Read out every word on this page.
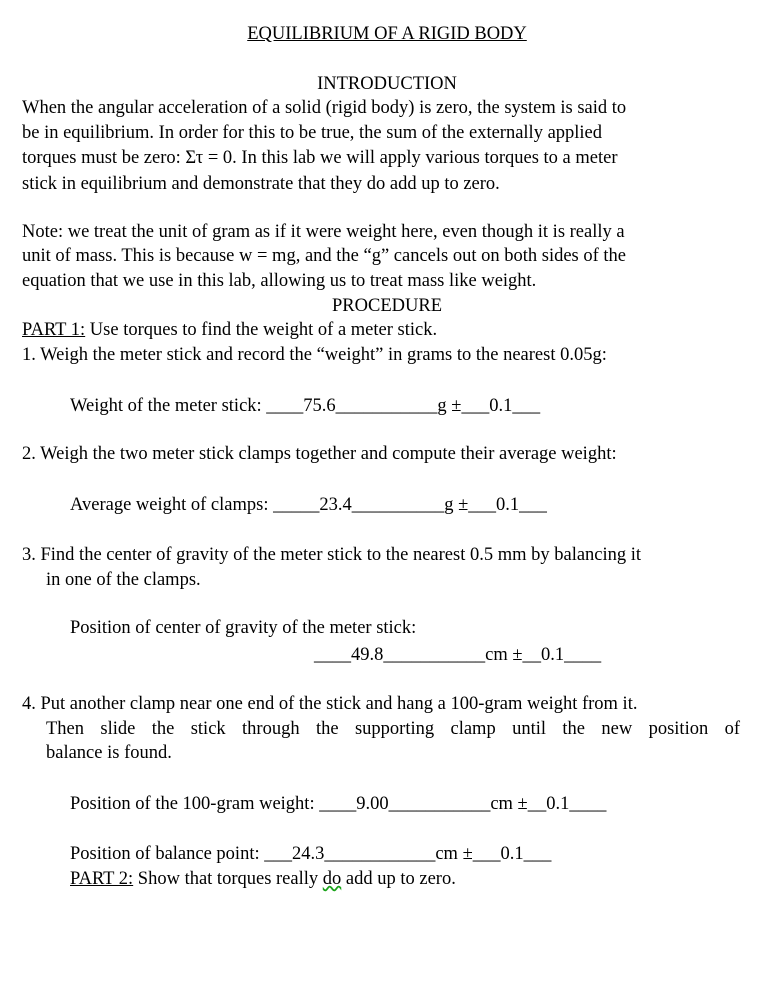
EQUILIBRIUM OF A RIGID BODY
INTRODUCTION
When the angular acceleration of a solid (rigid body) is zero, the system is said to
be in equilibrium. In order for this to be true, the sum of the externally applied
torques must be zero: Στ = 0. In this lab we will apply various torques to a meter
stick in equilibrium and demonstrate that they do add up to zero.
Note: we treat the unit of gram as if it were weight here, even though it is really a
unit of mass. This is because w = mg, and the “g” cancels out on both sides of the
equation that we use in this lab, allowing us to treat mass like weight.
PROCEDURE
PART 1: Use torques to find the weight of a meter stick.
1. Weigh the meter stick and record the “weight” in grams to the nearest 0.05g:
Weight of the meter stick: ____75.6___________g ±___0.1___
2. Weigh the two meter stick clamps together and compute their average weight:
Average weight of clamps: _____23.4__________g ±___0.1___
3. Find the center of gravity of the meter stick to the nearest 0.5 mm by balancing it
in one of the clamps.
Position of center of gravity of the meter stick:
____49.8___________cm ±__0.1____
4. Put another clamp near one end of the stick and hang a 100-gram weight from it.
Then slide the stick through the supporting clamp until the new position of
balance is found.
Position of the 100-gram weight: ____9.00___________cm ±__0.1____
Position of balance point: ___24.3____________cm ±___0.1___
PART 2: Show that torques really do add up to zero.
